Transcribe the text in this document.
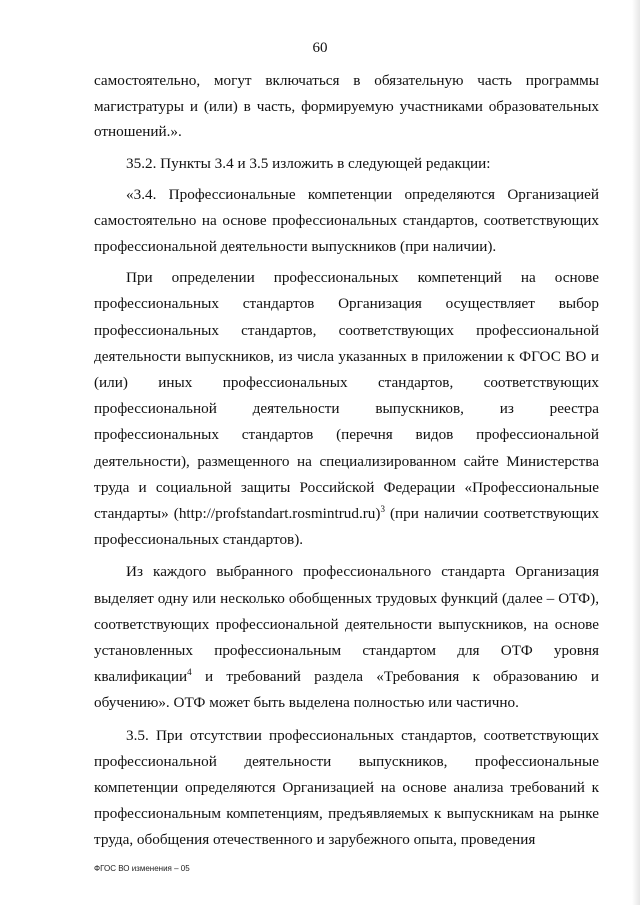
60

самостоятельно, могут включаться в обязательную часть программы магистратуры и (или) в часть, формируемую участниками образовательных отношений.».

35.2. Пункты 3.4 и 3.5 изложить в следующей редакции:

«3.4. Профессиональные компетенции определяются Организацией самостоятельно на основе профессиональных стандартов, соответствующих профессиональной деятельности выпускников (при наличии).

При определении профессиональных компетенций на основе профессиональных стандартов Организация осуществляет выбор профессиональных стандартов, соответствующих профессиональной деятельности выпускников, из числа указанных в приложении к ФГОС ВО и (или) иных профессиональных стандартов, соответствующих профессиональной деятельности выпускников, из реестра профессиональных стандартов (перечня видов профессиональной деятельности), размещенного на специализированном сайте Министерства труда и социальной защиты Российской Федерации «Профессиональные стандарты» (http://profstandart.rosmintrud.ru)$^3$ (при наличии соответствующих профессиональных стандартов).

Из каждого выбранного профессионального стандарта Организация выделяет одну или несколько обобщенных трудовых функций (далее – ОТФ), соответствующих профессиональной деятельности выпускников, на основе установленных профессиональным стандартом для ОТФ уровня квалификации$^4$ и требований раздела «Требования к образованию и обучению». ОТФ может быть выделена полностью или частично.

3.5. При отсутствии профессиональных стандартов, соответствующих профессиональной деятельности выпускников, профессиональные компетенции определяются Организацией на основе анализа требований к профессиональным компетенциям, предъявляемых к выпускникам на рынке труда, обобщения отечественного и зарубежного опыта, проведения

ФГОС ВО изменения – 05
